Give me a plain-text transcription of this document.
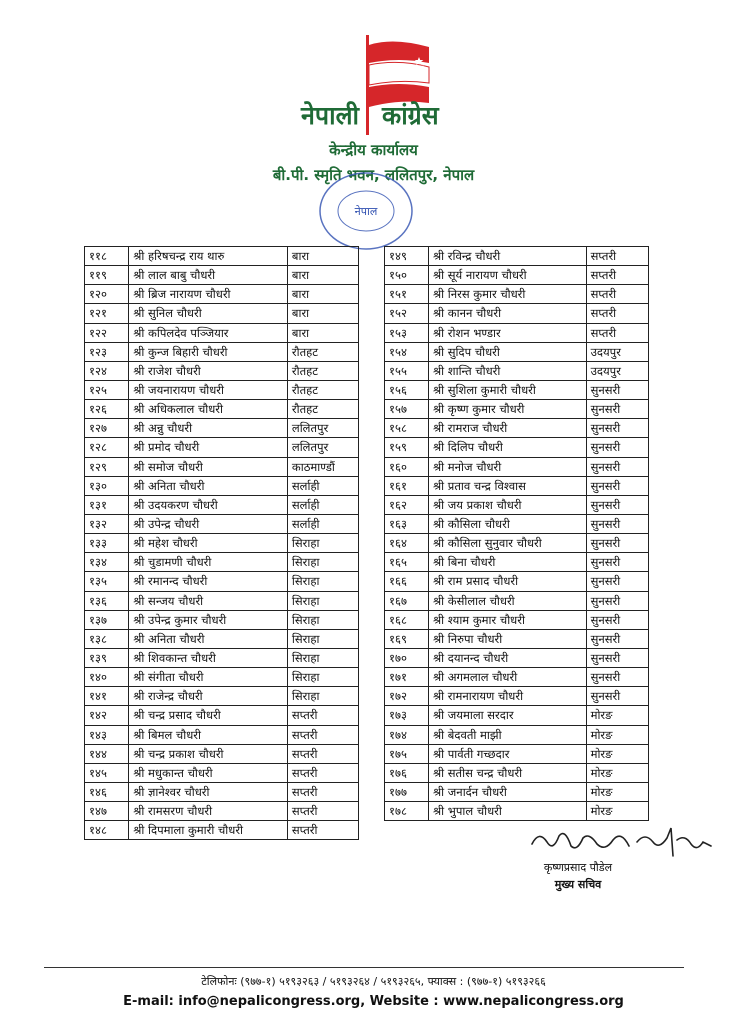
नेपाली कांग्रेस
केन्द्रीय कार्यालय
बी.पी. स्मृति भवन, ललितपुर, नेपाल
नेपाल
११८	श्री हरिषचन्द्र राय थारु	बारा
११९	श्री लाल बाबु चौधरी	बारा
१२०	श्री ब्रिज नारायण चौधरी	बारा
१२१	श्री सुनिल चौधरी	बारा
१२२	श्री कपिलदेव पञ्जियार	बारा
१२३	श्री कुन्ज बिहारी चौधरी	रौतहट
१२४	श्री राजेश चौधरी	रौतहट
१२५	श्री जयनारायण चौधरी	रौतहट
१२६	श्री अधिकलाल चौधरी	रौतहट
१२७	श्री अन्नु चौधरी	ललितपुर
१२८	श्री प्रमोद चौधरी	ललितपुर
१२९	श्री समोज चौधरी	काठमाण्डौं
१३०	श्री अनिता चौधरी	सर्लाही
१३१	श्री उदयकरण चौधरी	सर्लाही
१३२	श्री उपेन्द्र चौधरी	सर्लाही
१३३	श्री महेश चौधरी	सिराहा
१३४	श्री चुडामणी चौधरी	सिराहा
१३५	श्री रमानन्द चौधरी	सिराहा
१३६	श्री सन्जय चौधरी	सिराहा
१३७	श्री उपेन्द्र कुमार चौधरी	सिराहा
१३८	श्री अनिता चौधरी	सिराहा
१३९	श्री शिवकान्त चौधरी	सिराहा
१४०	श्री संगीता चौधरी	सिराहा
१४१	श्री राजेन्द्र चौधरी	सिराहा
१४२	श्री चन्द्र प्रसाद चौधरी	सप्तरी
१४३	श्री बिमल चौधरी	सप्तरी
१४४	श्री चन्द्र प्रकाश चौधरी	सप्तरी
१४५	श्री मधुकान्त चौधरी	सप्तरी
१४६	श्री ज्ञानेश्वर चौधरी	सप्तरी
१४७	श्री रामसरण चौधरी	सप्तरी
१४८	श्री दिपमाला कुमारी चौधरी	सप्तरी
१४९	श्री रविन्द्र चौधरी	सप्तरी
१५०	श्री सूर्य नारायण चौधरी	सप्तरी
१५१	श्री निरस कुमार चौधरी	सप्तरी
१५२	श्री कानन चौधरी	सप्तरी
१५३	श्री रोशन भण्डार	सप्तरी
१५४	श्री सुदिप चौधरी	उदयपुर
१५५	श्री शान्ति चौधरी	उदयपुर
१५६	श्री सुशिला कुमारी चौधरी	सुनसरी
१५७	श्री कृष्ण कुमार चौधरी	सुनसरी
१५८	श्री रामराज चौधरी	सुनसरी
१५९	श्री दिलिप चौधरी	सुनसरी
१६०	श्री मनोज चौधरी	सुनसरी
१६१	श्री प्रताव चन्द्र विश्वास	सुनसरी
१६२	श्री जय प्रकाश चौधरी	सुनसरी
१६३	श्री कौसिला चौधरी	सुनसरी
१६४	श्री कौसिला सुनुवार चौधरी	सुनसरी
१६५	श्री बिना चौधरी	सुनसरी
१६६	श्री राम प्रसाद चौधरी	सुनसरी
१६७	श्री केसीलाल चौधरी	सुनसरी
१६८	श्री श्याम कुमार चौधरी	सुनसरी
१६९	श्री निरुपा चौधरी	सुनसरी
१७०	श्री दयानन्द चौधरी	सुनसरी
१७१	श्री अगमलाल चौधरी	सुनसरी
१७२	श्री रामनारायण चौधरी	सुनसरी
१७३	श्री जयमाला सरदार	मोरङ
१७४	श्री बेदवती माझी	मोरङ
१७५	श्री पार्वती गच्छदार	मोरङ
१७६	श्री सतीस चन्द्र चौधरी	मोरङ
१७७	श्री जनार्दन चौधरी	मोरङ
१७८	श्री भुपाल चौधरी	मोरङ
कृष्णप्रसाद पौडेल
मुख्य सचिव
टेलिफोनः (९७७-१) ५१९३२६३ / ५१९३२६४ / ५१९३२६५, फ्याक्स : (९७७-१) ५१९३२६६
E-mail: info@nepalicongress.org, Website : www.nepalicongress.org
